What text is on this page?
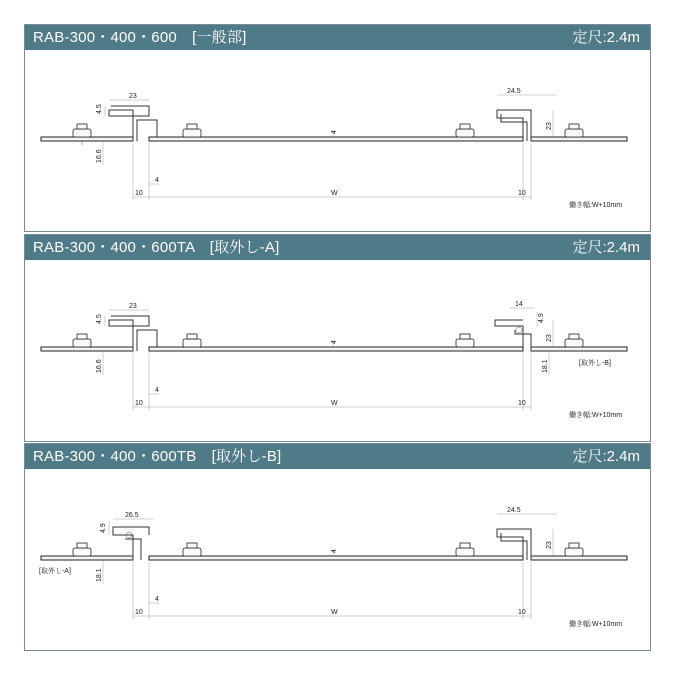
RAB-300・400・600　[一般部]	定尺:2.4m
23
4.5
16.6
10
4
4
W	10
24.5
23
働き幅:W+10mm
RAB-300・400・600TA　[取外し-A]	定尺:2.4m
23
4.5
16.6
10
4
4
W	10
14
4.9
23
18.1	[取外し-B]
働き幅:W+10mm
RAB-300・400・600TB　[取外し-B]	定尺:2.4m
26.5
4.9
18.1
[取外し-A]
10
4
4
W	10
24.5
23
働き幅:W+10mm
